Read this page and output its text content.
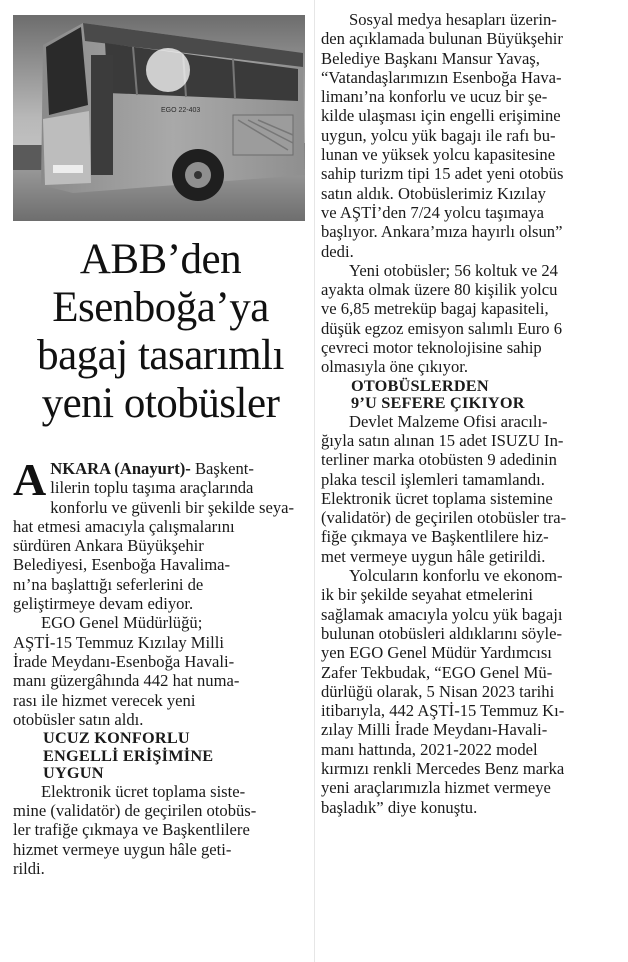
EGO 22-403
ABB’den
Esenboğa’ya
bagaj tasarımlı
yeni otobüsler

A NKARA (Anayurt)- Başkent-
lilerin toplu taşıma araçlarında
konforlu ve güvenli bir şekilde seya-
hat etmesi amacıyla çalışmalarını
sürdüren Ankara Büyükşehir
Belediyesi, Esenboğa Havalima-
nı’na başlattığı seferlerini de
geliştirmeye devam ediyor.

EGO Genel Müdürlüğü;
AŞTİ-15 Temmuz Kızılay Milli
İrade Meydanı-Esenboğa Havali-
manı güzergâhında 442 hat numa-
rası ile hizmet verecek yeni
otobüsler satın aldı.

UCUZ KONFORLU
ENGELLİ ERİŞİMİNE
UYGUN

Elektronik ücret toplama siste-
mine (validatör) de geçirilen otobüs-
ler trafiğe çıkmaya ve Başkentlilere
hizmet vermeye uygun hâle geti-
rildi.

Sosyal medya hesapları üzerin-
den açıklamada bulunan Büyükşehir
Belediye Başkanı Mansur Yavaş,
“Vatandaşlarımızın Esenboğa Hava-
limanı’na konforlu ve ucuz bir şe-
kilde ulaşması için engelli erişimine
uygun, yolcu yük bagajı ile rafı bu-
lunan ve yüksek yolcu kapasitesine
sahip turizm tipi 15 adet yeni otobüs
satın aldık. Otobüslerimiz Kızılay
ve AŞTİ’den 7/24 yolcu taşımaya
başlıyor. Ankara’mıza hayırlı olsun”
dedi.

Yeni otobüsler; 56 koltuk ve 24
ayakta olmak üzere 80 kişilik yolcu
ve 6,85 metreküp bagaj kapasiteli,
düşük egzoz emisyon salımlı Euro 6
çevreci motor teknolojisine sahip
olmasıyla öne çıkıyor.

OTOBÜSLERDEN
9’U SEFERE ÇIKIYOR

Devlet Malzeme Ofisi aracılı-
ğıyla satın alınan 15 adet ISUZU In-
terliner marka otobüsten 9 adedinin
plaka tescil işlemleri tamamlandı.
Elektronik ücret toplama sistemine
(validatör) de geçirilen otobüsler tra-
fiğe çıkmaya ve Başkentlilere hiz-
met vermeye uygun hâle getirildi.

Yolcuların konforlu ve ekonom-
ik bir şekilde seyahat etmelerini
sağlamak amacıyla yolcu yük bagajı
bulunan otobüsleri aldıklarını söyle-
yen EGO Genel Müdür Yardımcısı
Zafer Tekbudak, “EGO Genel Mü-
dürlüğü olarak, 5 Nisan 2023 tarihi
itibarıyla, 442 AŞTİ-15 Temmuz Kı-
zılay Milli İrade Meydanı-Havali-
manı hattında, 2021-2022 model
kırmızı renkli Mercedes Benz marka
yeni araçlarımızla hizmet vermeye
başladık” diye konuştu.
